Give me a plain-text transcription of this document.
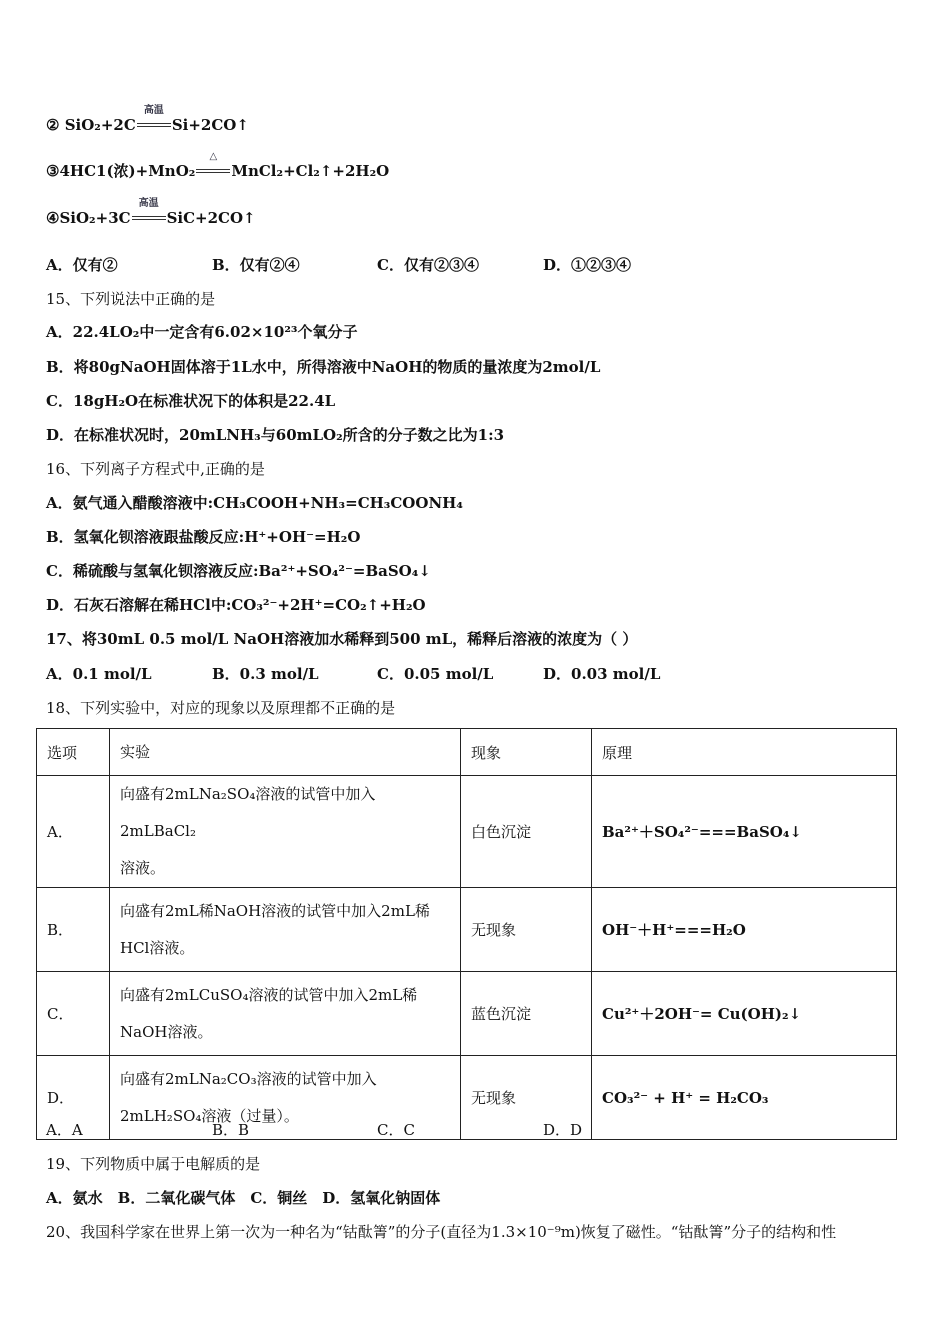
② SiO₂+2C
高温
Si+2CO↑
③4HC1(浓)+MnO₂
△
MnCl₂+Cl₂↑+2H₂O
④SiO₂+3C
高温
SiC+2CO↑
A．仅有②	B．仅有②④	C．仅有②③④	D．①②③④
15、下列说法中正确的是
A．22.4LO₂中一定含有6.02×10²³个氧分子
B．将80gNaOH固体溶于1L水中，所得溶液中NaOH的物质的量浓度为2mol/L
C．18gH₂O在标准状况下的体积是22.4L
D．在标准状况时，20mLNH₃与60mLO₂所含的分子数之比为1:3
16、下列离子方程式中,正确的是
A．氨气通入醋酸溶液中:CH₃COOH+NH₃=CH₃COONH₄
B．氢氧化钡溶液跟盐酸反应:H⁺+OH⁻=H₂O
C．稀硫酸与氢氧化钡溶液反应:Ba²⁺+SO₄²⁻=BaSO₄↓
D．石灰石溶解在稀HCl中:CO₃²⁻+2H⁺=CO₂↑+H₂O
17、将30mL 0.5 mol/L NaOH溶液加水稀释到500 mL，稀释后溶液的浓度为（ ）
A．0.1 mol/L	B．0.3 mol/L	C．0.05 mol/L	D．0.03 mol/L
18、下列实验中，对应的现象以及原理都不正确的是
选项	实验	现象	原理
A．	向盛有2mLNa₂SO₄溶液的试管中加入2mLBaCl₂
溶液。	白色沉淀	Ba²⁺＋SO₄²⁻===BaSO₄↓
B．	向盛有2mL稀NaOH溶液的试管中加入2mL稀
HCl溶液。	无现象	OH⁻＋H⁺===H₂O
C．	向盛有2mLCuSO₄溶液的试管中加入2mL稀
NaOH溶液。	蓝色沉淀	Cu²⁺＋2OH⁻= Cu(OH)₂↓
D．	向盛有2mLNa₂CO₃溶液的试管中加入
2mLH₂SO₄溶液（过量）。	无现象	CO₃²⁻ + H⁺ = H₂CO₃
A．A	B．B	C．C	D．D
19、下列物质中属于电解质的是
A．氨水　B．二氧化碳气体　C．铜丝　D．氢氧化钠固体
20、我国科学家在世界上第一次为一种名为“钴酞箐”的分子(直径为1.3×10⁻⁹m)恢复了磁性。“钴酞箐”分子的结构和性
